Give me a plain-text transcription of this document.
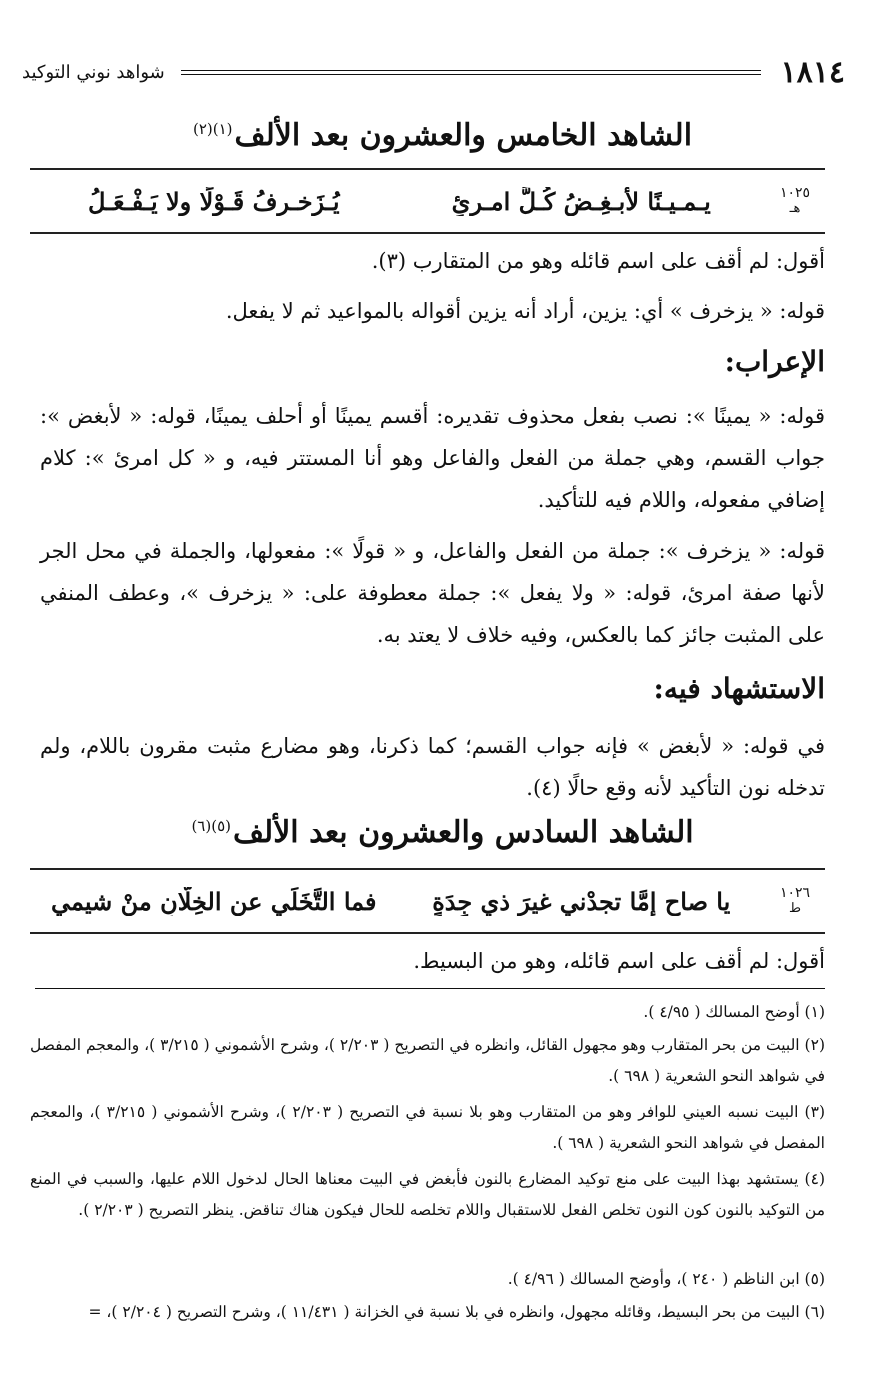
١٨١٤
شواهد نوني التوكيد
الشاهد الخامس والعشرون بعد الألف$^{(١)(٢)}$
١٠٢٥
هـ
يـمـيـنًا لأُبـغِـضُ كُـلَّ امـرِئٍ
يُـزَخـرِفُ قَـوْلًا ولا يَـفْـعَـلُ
أقول: لم أقف على اسم قائله وهو من المتقارب (٣).
قوله: « يزخرف » أي: يزين، أراد أنه يزين أقواله بالمواعيد ثم لا يفعل.
الإعراب:
قوله: « يمينًا »: نصب بفعل محذوف تقديره: أقسم يمينًا أو أحلف يمينًا، قوله: « لأبغض »: جواب القسم، وهي جملة من الفعل والفاعل وهو أنا المستتر فيه، و « كل امرئ »: كلام إضافي مفعوله، واللام فيه للتأكيد.
قوله: « يزخرف »: جملة من الفعل والفاعل، و « قولًا »: مفعولها، والجملة في محل الجر لأنها صفة امرئ، قوله: « ولا يفعل »: جملة معطوفة على: « يزخرف »، وعطف المنفي على المثبت جائز كما بالعكس، وفيه خلاف لا يعتد به.
الاستشهاد فيه:
في قوله: « لأبغض » فإنه جواب القسم؛ كما ذكرنا، وهو مضارع مثبت مقرون باللام، ولم تدخله نون التأكيد لأنه وقع حالًا (٤).
الشاهد السادس والعشرون بعد الألف$^{(٥)(٦)}$
١٠٢٦
ط
يا صاحِ إمَّا تجدْني غيرَ ذي جِدَةٍ
فما التَّخَلِّي عن الخِلَّانِ منْ شيمي
أقول: لم أقف على اسم قائله، وهو من البسيط.
(١) أوضح المسالك ( ٤/٩٥ ).
(٢) البيت من بحر المتقارب وهو مجهول القائل، وانظره في التصريح ( ٢/٢٠٣ )، وشرح الأشموني ( ٣/٢١٥ )، والمعجم المفصل في شواهد النحو الشعرية ( ٦٩٨ ).
(٣) البيت نسبه العيني للوافر وهو من المتقارب وهو بلا نسبة في التصريح ( ٢/٢٠٣ )، وشرح الأشموني ( ٣/٢١٥ )، والمعجم المفصل في شواهد النحو الشعرية ( ٦٩٨ ).
(٤) يستشهد بهذا البيت على منع توكيد المضارع بالنون فأبغض في البيت معناها الحال لدخول اللام عليها، والسبب في المنع من التوكيد بالنون كون النون تخلص الفعل للاستقبال واللام تخلصه للحال فيكون هناك تناقض. ينظر التصريح ( ٢/٢٠٣ ).
(٥) ابن الناظم ( ٢٤٠ )، وأوضح المسالك ( ٤/٩٦ ).
(٦) البيت من بحر البسيط، وقائله مجهول، وانظره في بلا نسبة في الخزانة ( ١١/٤٣١ )، وشرح التصريح ( ٢/٢٠٤ )، =
